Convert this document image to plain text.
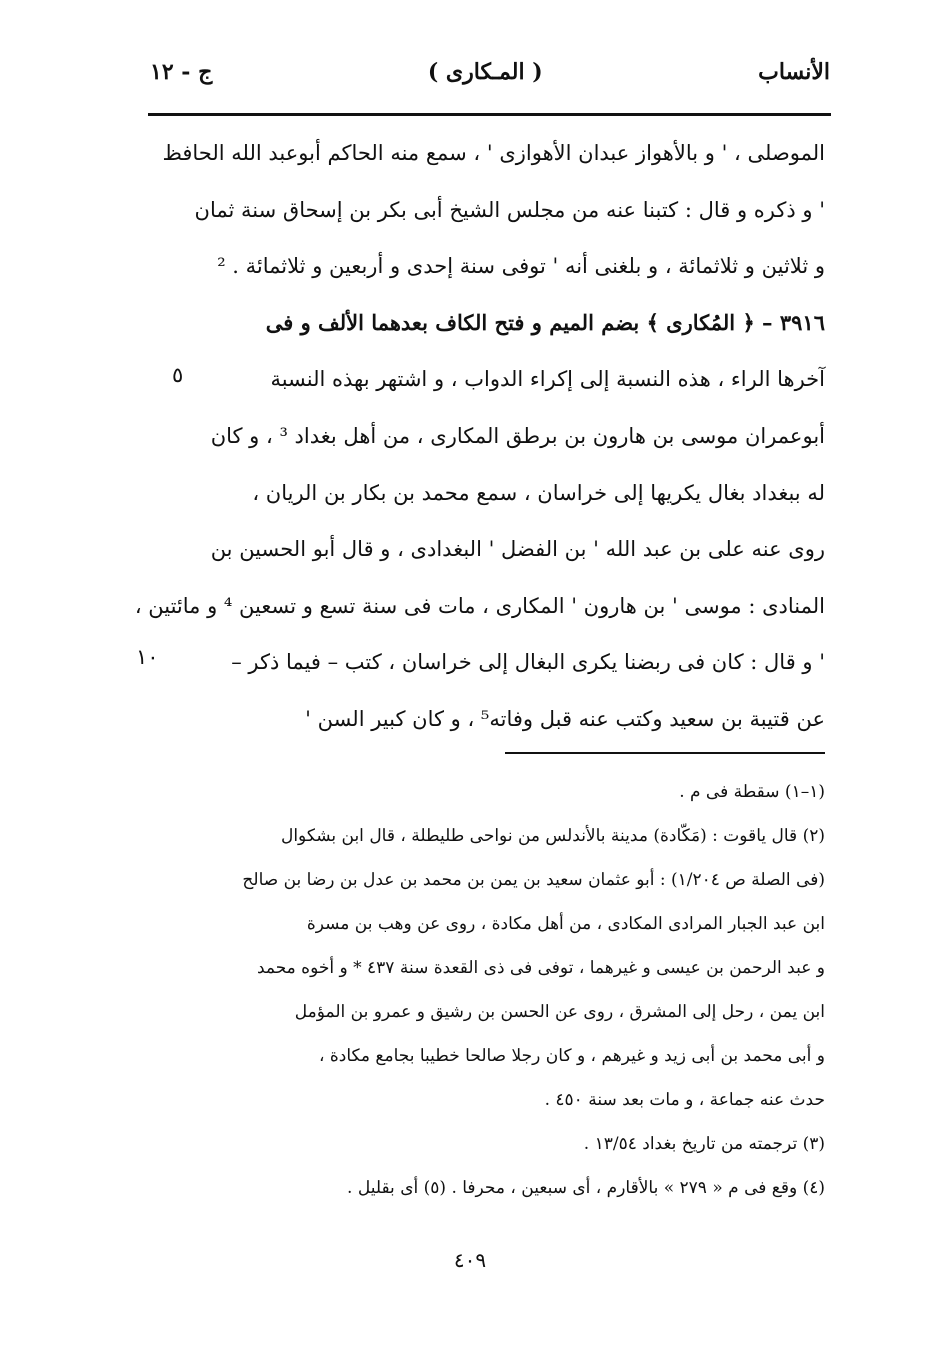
الأنساب
( المـكارى )
ج - ١٢
الموصلى ، ' و بالأهواز عبدان الأهوازى ' ، سمع منه الحاكم أبوعبد الله الحافظ
' و ذكره و قال : كتبنا عنه من مجلس الشيخ أبى بكر بن إسحاق سنة ثمان
و ثلاثين و ثلاثمائة ، و بلغنى أنه ' توفى سنة إحدى و أربعين و ثلاثمائة . ²
٣٩١٦ – ﴿ المُكارى ﴾ بضم الميم و فتح الكاف بعدهما الألف و فى
آخرها الراء ، هذه النسبة إلى إكراء الدواب ، و اشتهر بهذه النسبة
أبوعمران موسى بن هارون بن برطق المكارى ، من أهل بغداد ³ ، و كان
له ببغداد بغال يكريها إلى خراسان ، سمع محمد بن بكار بن الريان ،
روى عنه على بن عبد الله ' بن الفضل ' البغدادى ، و قال أبو الحسين بن
المنادى : موسى ' بن هارون ' المكارى ، مات فى سنة تسع و تسعين ⁴ و مائتين ،
' و قال : كان فى ربضنا يكرى البغال إلى خراسان ، كتب – فيما ذكر –
عن قتيبة بن سعيد وكتب عنه قبل وفاته⁵ ، و كان كبير السن '
٥
١٠
(١–١) سقطة فى م .
(٢) قال ياقوت : (مَكّادة) مدينة بالأندلس من نواحى طليطلة ، قال ابن بشكوال
(فى الصلة ص ١/٢٠٤) : أبو عثمان سعيد بن يمن بن محمد بن عدل بن رضا بن صالح
ابن عبد الجبار المرادى المكادى ، من أهل مكادة ، روى عن وهب بن مسرة
و عبد الرحمن بن عيسى و غيرهما ، توفى فى ذى القعدة سنة ٤٣٧ * و أخوه محمد
ابن يمن ، رحل إلى المشرق ، روى عن الحسن بن رشيق و عمرو بن المؤمل
و أبى محمد بن أبى زيد و غيرهم ، و كان رجلا صالحا خطيبا بجامع مكادة ،
حدث عنه جماعة ، و مات بعد سنة ٤٥٠ .
(٣) ترجمته من تاريخ بغداد ١٣/٥٤ .
(٤) وقع فى م « ٢٧٩ » بالأقارم ، أى سبعين ، محرفا . (٥) أى بقليل .
٤٠٩
